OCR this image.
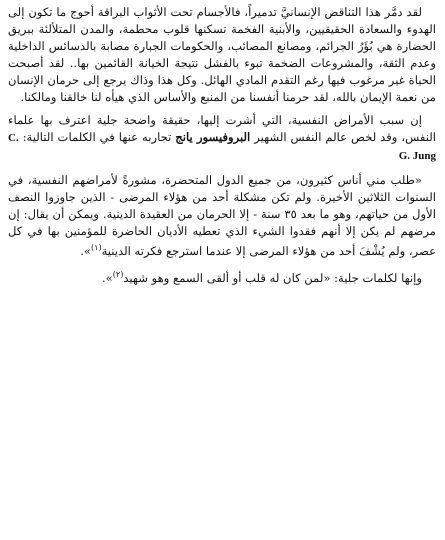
لقد دمَّر هذا التناقض الإنسانيَّ تدميراً، فالأجسام تحت الأثواب البراقة أحوج ما تكون إلى الهدوء والسعادة الحقيقيين، والأبنية الفخمة تسكنها قلوب محطمة، والمدن المتلألئة ببريق الحضارة هي بُؤَرُ الجرائم، ومصانع المصائب، والحكومات الجبارة مصابة بالدسائس الداخلية وعدم الثقة، والمشروعات الضخمة تبوء بالفشل نتيجة الخيانة القائمين بها.. لقد أصبحت الحياة غير مرغوب فيها رغم التقدم المادي الهائل. وكل هذا وذاك يرجع إلى حرمان الإنسان من نعمة الإيمان بالله، لقد حرمنا أنفسنا من المنبع والأساس الذي هيأه لنا خالقنا ومالكنا.

إن سبب الأمراض النفسية، التي أشرت إليها، حقيقة واضحة جلية اعترف بها علماء النفس، وقد لخص عالم النفس الشهير البروفيسور يانج تجاربه عنها في الكلمات التالية: C. G. Jung

«طلب مني أناس كثيرون، من جميع الدول المتحضرة، مشورةً لأمراضهم النفسية، في السنوات الثلاثين الأخيرة. ولم تكن مشكلة أحد من هؤلاء المرضى - الذين جاوزوا النصف الأول من حياتهم، وهو ما بعد ٣٥ سنة - إلا الحرمان من العقيدة الدينية. ويمكن أن يقال: إن مرضهم لم يكن إلا أنهم فقدوا الشيء الذي تعطيه الأديان الحاضرة للمؤمنين بها في كل عصر، ولم يُشْفَ أحد من هؤلاء المرضى إلا عندما استرجع فكرته الدينية$^{(١)}$».

وإنها لكلمات جلية: «لمن كان له قلب أو ألقى السمع وهو شهيد$^{(٢)}$».
